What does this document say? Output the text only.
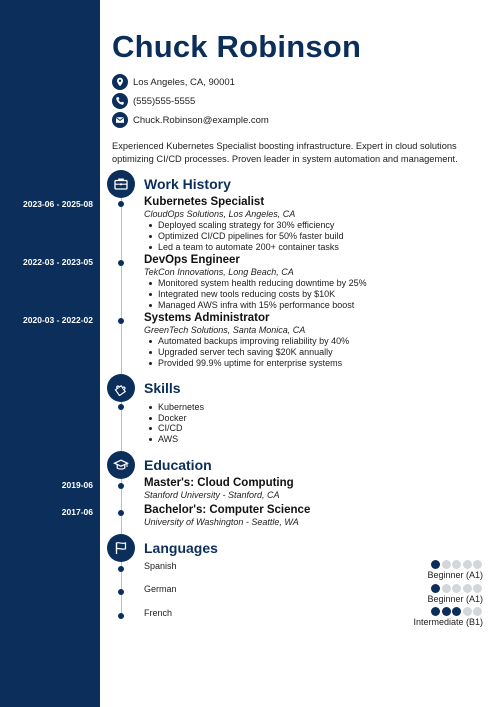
Chuck Robinson
Los Angeles, CA, 90001
(555)555-5555
Chuck.Robinson@example.com
Experienced Kubernetes Specialist boosting infrastructure. Expert in cloud solutions optimizing CI/CD processes. Proven leader in system automation and management.
Work History
2023-06 - 2025-08	Kubernetes Specialist
CloudOps Solutions, Los Angeles, CA
Deployed scaling strategy for 30% efficiency
Optimized CI/CD pipelines for 50% faster build
Led a team to automate 200+ container tasks
2022-03 - 2023-05	DevOps Engineer
TekCon Innovations, Long Beach, CA
Monitored system health reducing downtime by 25%
Integrated new tools reducing costs by $10K
Managed AWS infra with 15% performance boost
2020-03 - 2022-02	Systems Administrator
GreenTech Solutions, Santa Monica, CA
Automated backups improving reliability by 40%
Upgraded server tech saving $20K annually
Provided 99.9% uptime for enterprise systems
Skills
Kubernetes
Docker
CI/CD
AWS
Education
2019-06	Master's: Cloud Computing
Stanford University - Stanford, CA
2017-06	Bachelor's: Computer Science
University of Washington - Seattle, WA
Languages
Spanish
Beginner (A1)
German
Beginner (A1)
French
Intermediate (B1)
